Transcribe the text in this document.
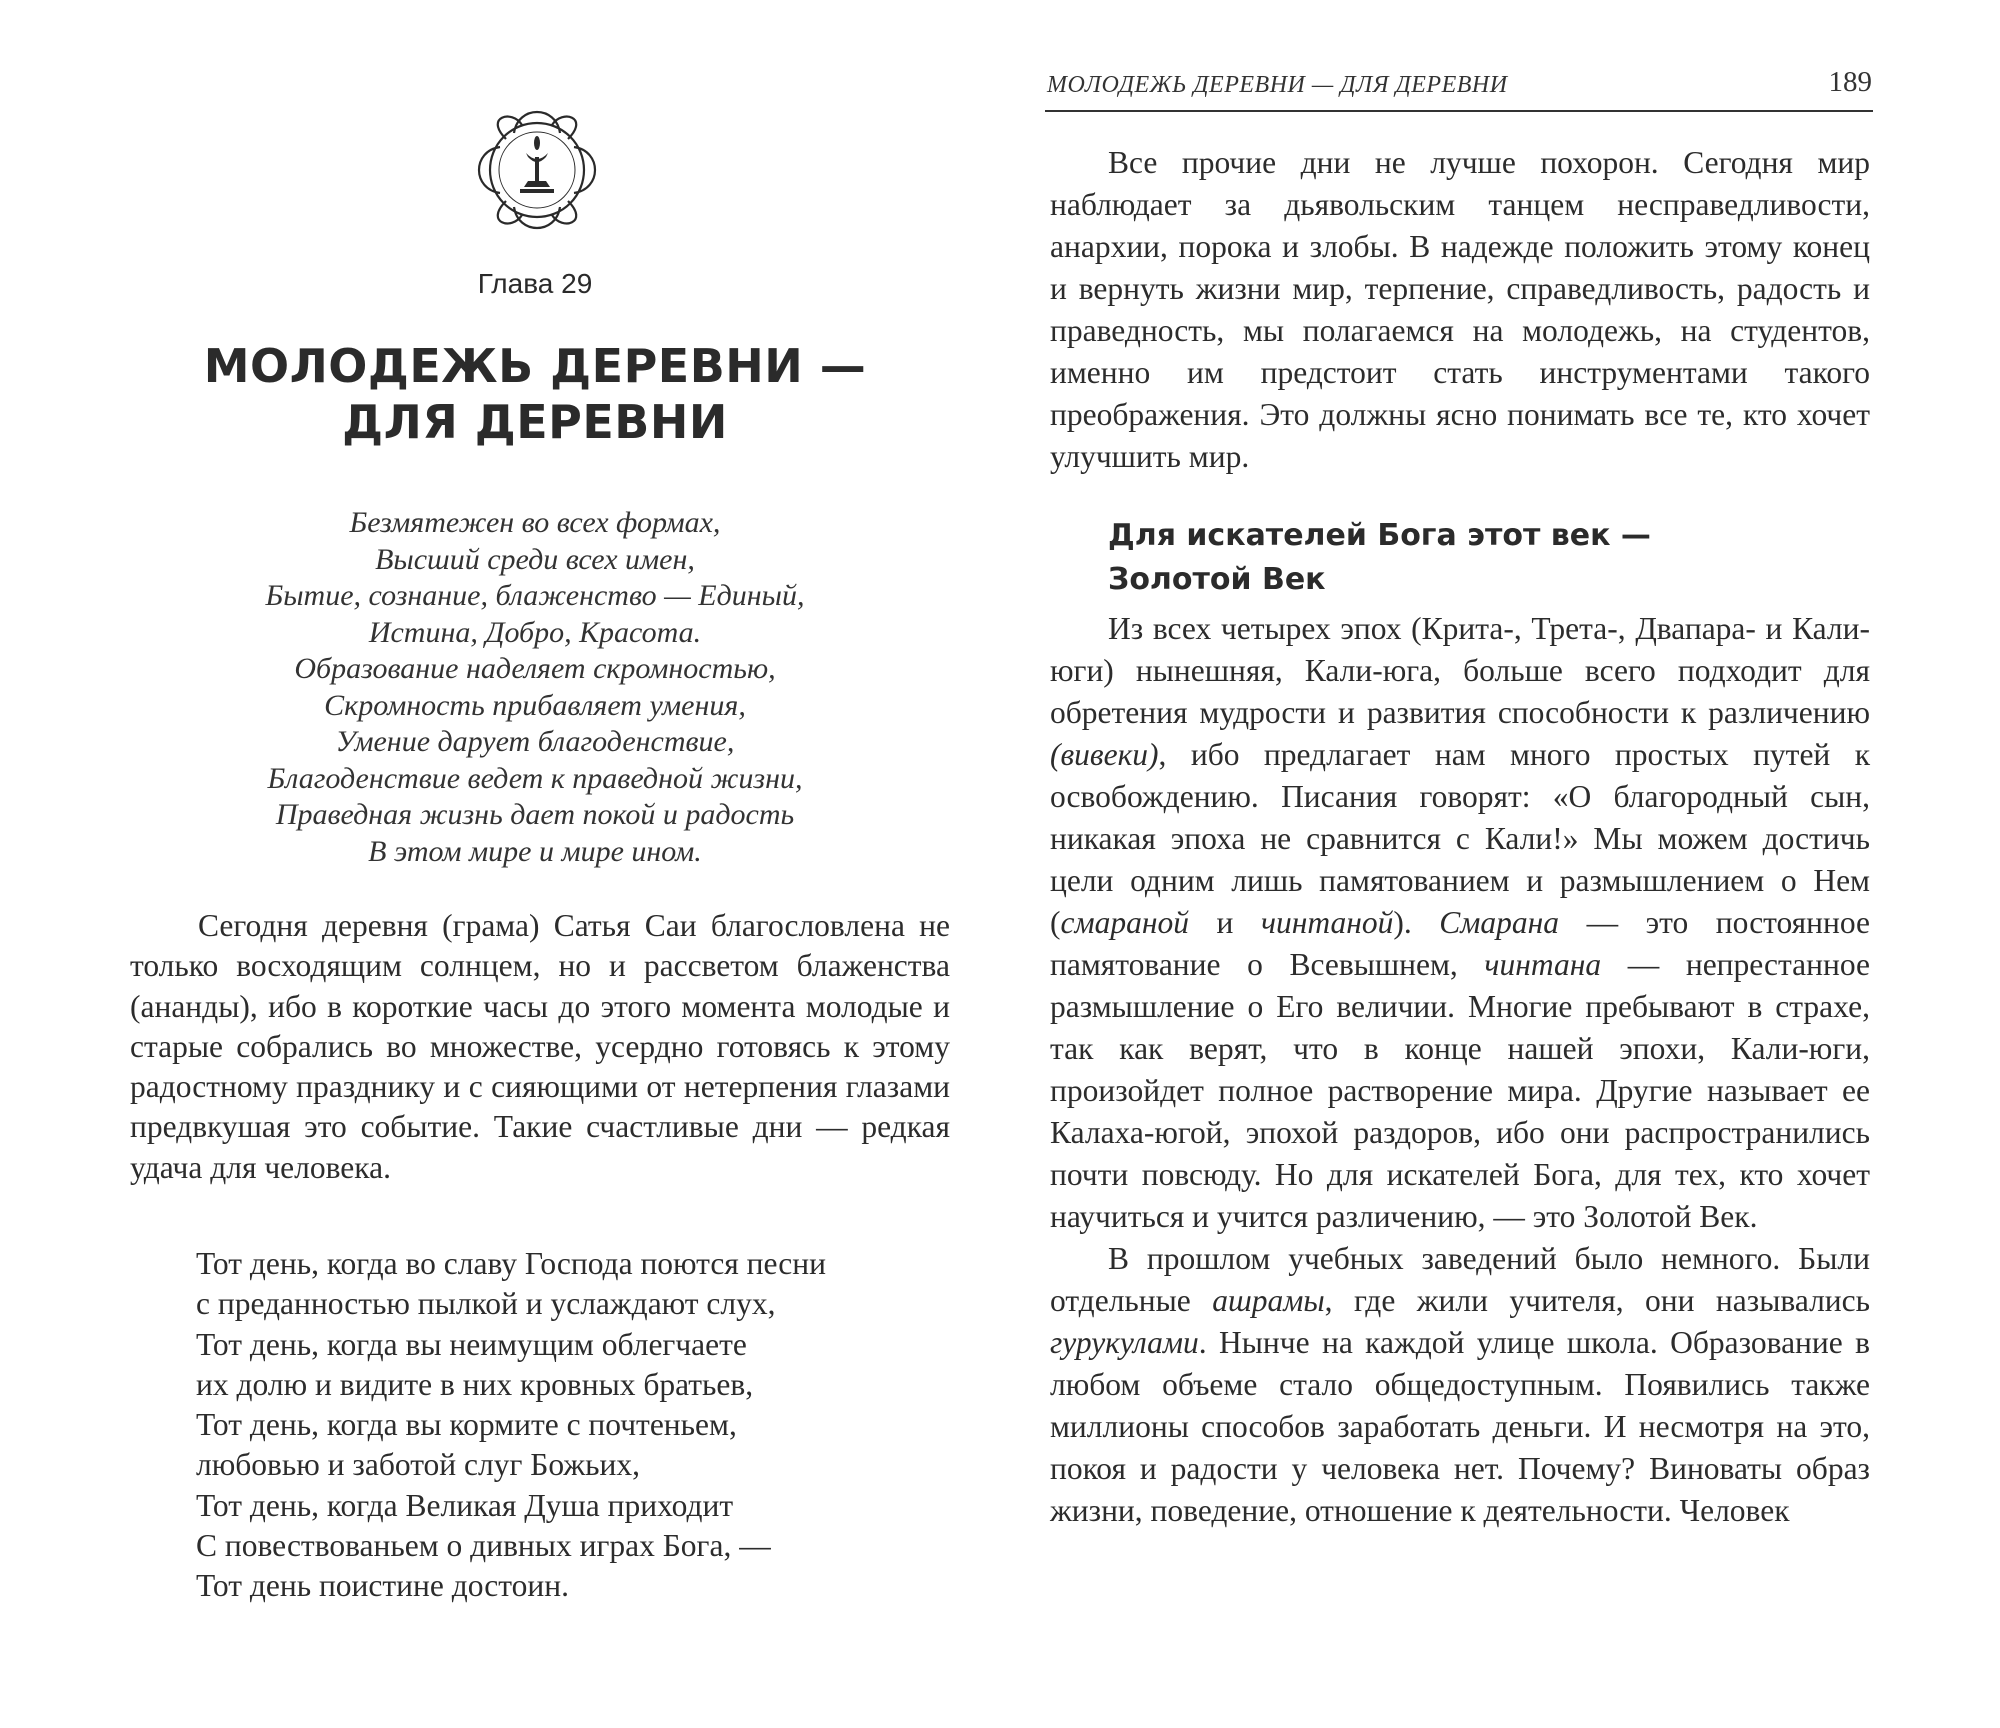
Глава 29
МОЛОДЕЖЬ ДЕРЕВНИ —
ДЛЯ ДЕРЕВНИ
Безмятежен во всех формах,
Высший среди всех имен,
Бытие, сознание, блаженство — Единый,
Истина, Добро, Красота.
Образование наделяет скромностью,
Скромность прибавляет умения,
Умение дарует благоденствие,
Благоденствие ведет к праведной жизни,
Праведная жизнь дает покой и радость
В этом мире и мире ином.

Сегодня деревня (грама) Сатья Саи благословлена не только восходящим солнцем, но и рассветом блаженства (ананды), ибо в короткие часы до этого момента молодые и старые собрались во множестве, усердно готовясь к этому радостному празднику и с сияющими от нетерпения глазами предвкушая это событие. Такие счастливые дни — редкая удача для человека.

Тот день, когда во славу Господа поются песни
с преданностью пылкой и услаждают слух,
Тот день, когда вы неимущим облегчаете
их долю и видите в них кровных братьев,
Тот день, когда вы кормите с почтеньем,
любовью и заботой слуг Божьих,
Тот день, когда Великая Душа приходит
С повествованьем о дивных играх Бога, —
Тот день поистине достоин.
МОЛОДЕЖЬ ДЕРЕВНИ — ДЛЯ ДЕРЕВНИ	189

Все прочие дни не лучше похорон. Сегодня мир наблюдает за дьявольским танцем несправедливости, анархии, порока и злобы. В надежде положить этому конец и вернуть жизни мир, терпение, справедливость, радость и праведность, мы полагаемся на молодежь, на студентов, именно им предстоит стать инструментами такого преображения. Это должны ясно понимать все те, кто хочет улучшить мир.

Для искателей Бога этот век —
Золотой Век

Из всех четырех эпох (Крита-, Трета-, Двапара- и Кали-юги) нынешняя, Кали-юга, больше всего подходит для обретения мудрости и развития способности к различению (вивеки), ибо предлагает нам много простых путей к освобождению. Писания говорят: «О благородный сын, никакая эпоха не сравнится с Кали!» Мы можем достичь цели одним лишь памятованием и размышлением о Нем (смараной и чинтаной). Смарана — это постоянное памятование о Всевышнем, чинтана — непрестанное размышление о Его величии. Многие пребывают в страхе, так как верят, что в конце нашей эпохи, Кали-юги, произойдет полное растворение мира. Другие называет ее Калаха-югой, эпохой раздоров, ибо они распространились почти повсюду. Но для искателей Бога, для тех, кто хочет научиться и учится различению, — это Золотой Век.

В прошлом учебных заведений было немного. Были отдельные ашрамы, где жили учителя, они назывались гурукулами. Нынче на каждой улице школа. Образование в любом объеме стало общедоступным. Появились также миллионы способов заработать деньги. И несмотря на это, покоя и радости у человека нет. Почему? Виноваты образ жизни, поведение, отношение к деятельности. Человек
